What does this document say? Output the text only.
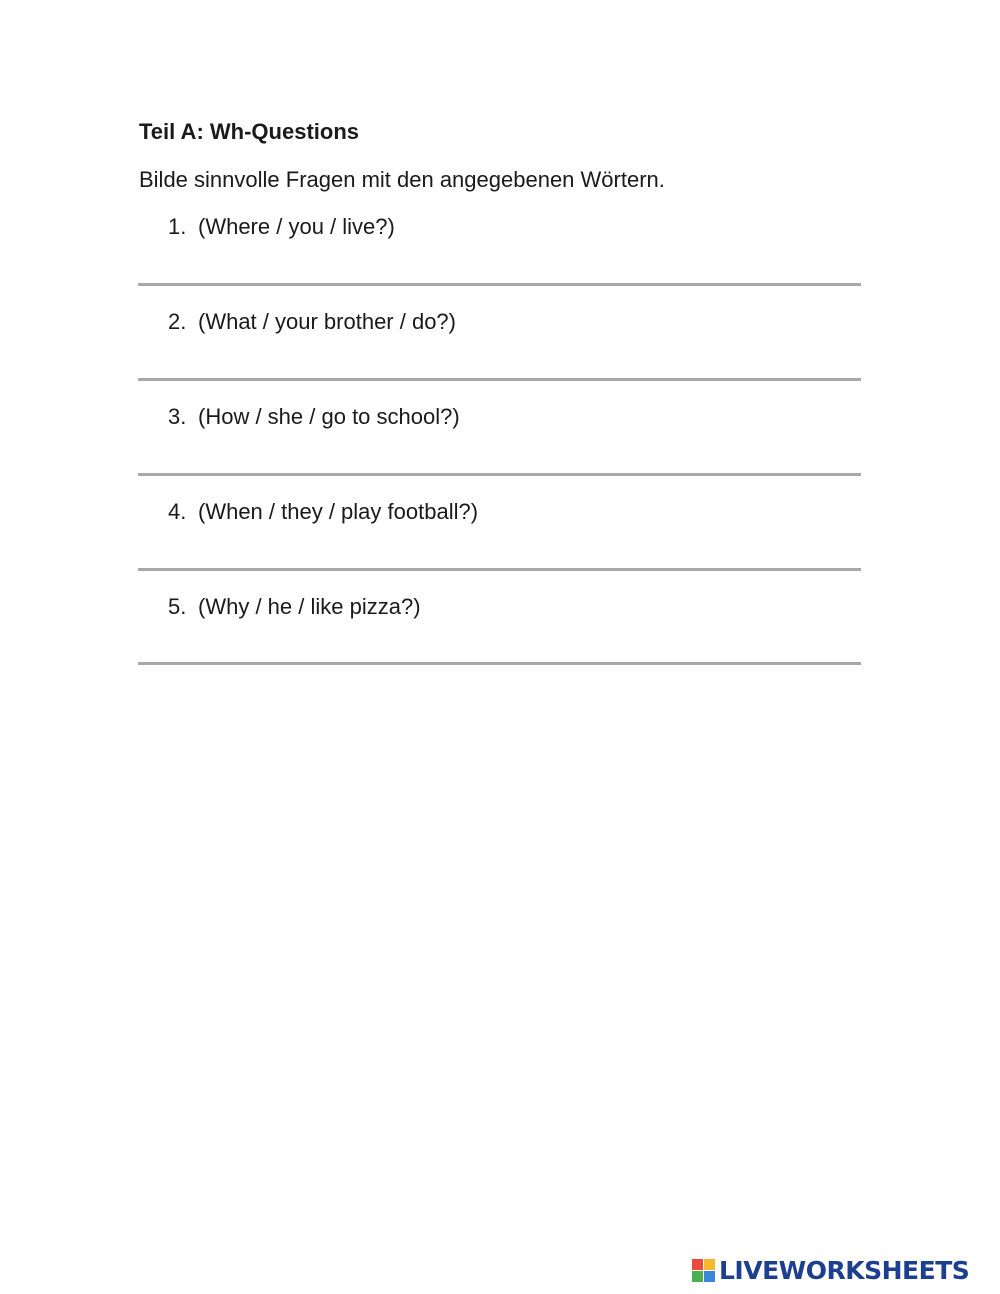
Teil A: Wh-Questions
Bilde sinnvolle Fragen mit den angegebenen Wörtern.
1. (Where / you / live?)
2. (What / your brother / do?)
3. (How / she / go to school?)
4. (When / they / play football?)
5. (Why / he / like pizza?)
LIVEWORKSHEETS
